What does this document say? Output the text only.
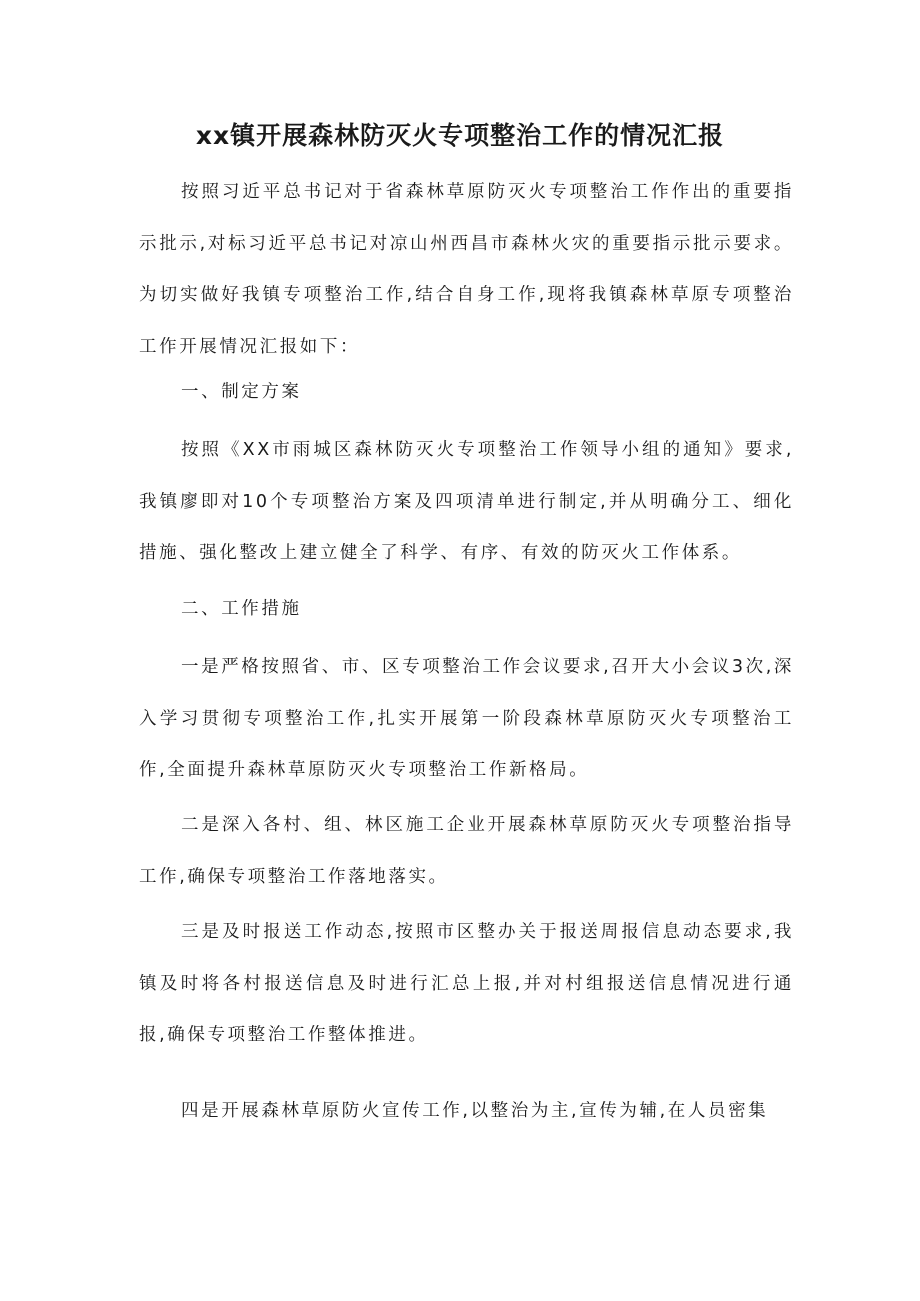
xx镇开展森林防灭火专项整治工作的情况汇报

按照习近平总书记对于省森林草原防灭火专项整治工作作出的重要指示批示,对标习近平总书记对凉山州西昌市森林火灾的重要指示批示要求。为切实做好我镇专项整治工作,结合自身工作,现将我镇森林草原专项整治工作开展情况汇报如下：

一、制定方案

按照《XX市雨城区森林防灭火专项整治工作领导小组的通知》要求,我镇廖即对10个专项整治方案及四项清单进行制定,并从明确分工、细化措施、强化整改上建立健全了科学、有序、有效的防灭火工作体系。

二、工作措施

一是严格按照省、市、区专项整治工作会议要求,召开大小会议3次,深入学习贯彻专项整治工作,扎实开展第一阶段森林草原防灭火专项整治工作,全面提升森林草原防灭火专项整治工作新格局。

二是深入各村、组、林区施工企业开展森林草原防灭火专项整治指导工作,确保专项整治工作落地落实。

三是及时报送工作动态,按照市区整办关于报送周报信息动态要求,我镇及时将各村报送信息及时进行汇总上报,并对村组报送信息情况进行通报,确保专项整治工作整体推进。

四是开展森林草原防火宣传工作,以整治为主,宣传为辅,在人员密集
